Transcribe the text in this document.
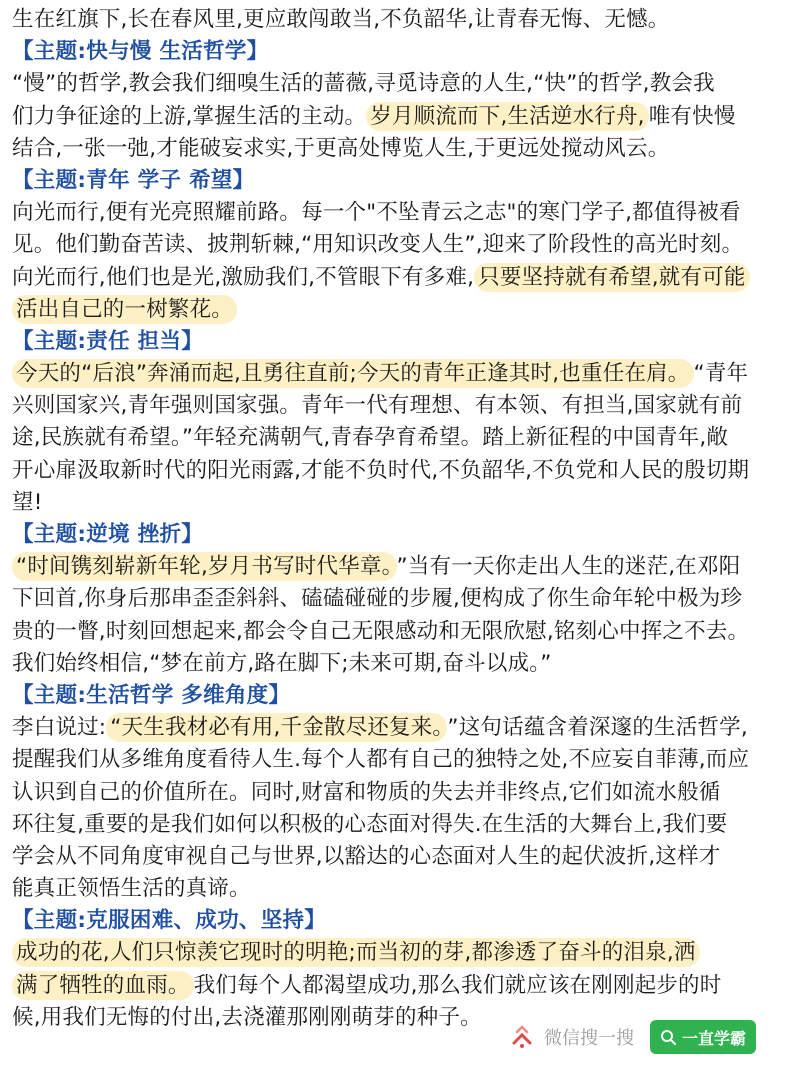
生在红旗下,长在春风里,更应敢闯敢当,不负韶华,让青春无悔、无憾。
【主题:快与慢 生活哲学】
“慢”的哲学,教会我们细嗅生活的蔷薇,寻觅诗意的人生,“快”的哲学,教会我
们力争征途的上游,掌握生活的主动。 岁月顺流而下,生活逆水行舟, 唯有快慢
结合,一张一弛,才能破妄求实,于更高处博览人生,于更远处搅动风云。
【主题:青年 学子 希望】
向光而行,便有光亮照耀前路。每一个"不坠青云之志"的寒门学子,都值得被看
见。他们勤奋苦读、披荆斩棘,“用知识改变人生”,迎来了阶段性的高光时刻。
向光而行,他们也是光,激励我们,不管眼下有多难, 只要坚持就有希望,就有可能
活出自己的一树繁花。
【主题:责任 担当】
今天的“后浪”奔涌而起,且勇往直前;今天的青年正逢其时,也重任在肩。 “青年
兴则国家兴,青年强则国家强。青年一代有理想、有本领、有担当,国家就有前
途,民族就有希望。”年轻充满朝气,青春孕育希望。踏上新征程的中国青年,敞
开心扉汲取新时代的阳光雨露,才能不负时代,不负韶华,不负党和人民的殷切期
望!
【主题:逆境 挫折】
“时间镌刻崭新年轮,岁月书写时代华章。 ”当有一天你走出人生的迷茫,在邓阳
下回首,你身后那串歪歪斜斜、磕磕碰碰的步履,便构成了你生命年轮中极为珍
贵的一瞥,时刻回想起来,都会令自己无限感动和无限欣慰,铭刻心中挥之不去。
我们始终相信,“梦在前方,路在脚下;未来可期,奋斗以成。”
【主题:生活哲学 多维角度】
李白说过: “天生我材必有用,千金散尽还复来。 ”这句话蕴含着深邃的生活哲学,
提醒我们从多维角度看待人生.每个人都有自己的独特之处,不应妄自菲薄,而应
认识到自己的价值所在。同时,财富和物质的失去并非终点,它们如流水般循
环往复,重要的是我们如何以积极的心态面对得失.在生活的大舞台上,我们要
学会从不同角度审视自己与世界,以豁达的心态面对人生的起伏波折,这样才
能真正领悟生活的真谛。
【主题:克服困难、成功、坚持】
成功的花,人们只惊羡它现时的明艳;而当初的芽,都渗透了奋斗的泪泉,洒
满了牺牲的血雨。 我们每个人都渴望成功,那么我们就应该在刚刚起步的时
候,用我们无悔的付出,去浇灌那刚刚萌芽的种子。
微信搜一搜	一直学霸
